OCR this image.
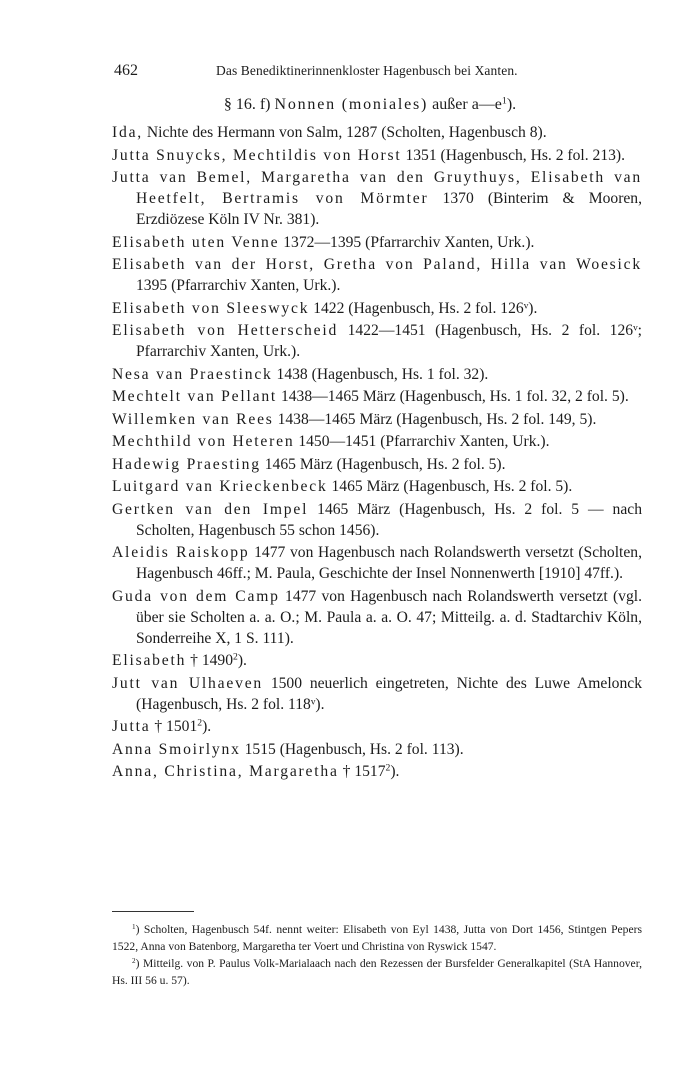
462	Das Benediktinerinnenkloster Hagenbusch bei Xanten.
§ 16. f) Nonnen (moniales) außer $a—e^1$).

Ida, Nichte des Hermann von Salm, 1287 (Scholten, Hagenbusch 8).

Jutta Snuycks, Mechtildis von Horst 1351 (Hagenbusch, Hs. 2 fol. 213).

Jutta van Bemel, Margaretha van den Gruythuys, Elisabeth van Heetfelt, Bertramis von Mörmter 1370 (Binterim & Mooren, Erzdiözese Köln IV Nr. 381).

Elisabeth uten Venne 1372—1395 (Pfarrarchiv Xanten, Urk.).

Elisabeth van der Horst, Gretha von Paland, Hilla van Woesick 1395 (Pfarrarchiv Xanten, Urk.).

Elisabeth von Sleeswyck 1422 (Hagenbusch, Hs. 2 fol. 126ᵛ).

Elisabeth von Hetterscheid 1422—1451 (Hagenbusch, Hs. 2 fol. 126ᵛ; Pfarrarchiv Xanten, Urk.).

Nesa van Praestinck 1438 (Hagenbusch, Hs. 1 fol. 32).

Mechtelt van Pellant 1438—1465 März (Hagenbusch, Hs. 1 fol. 32, 2 fol. 5).

Willemken van Rees 1438—1465 März (Hagenbusch, Hs. 2 fol. 149, 5).

Mechthild von Heteren 1450—1451 (Pfarrarchiv Xanten, Urk.).

Hadewig Praesting 1465 März (Hagenbusch, Hs. 2 fol. 5).

Luitgard van Krieckenbeck 1465 März (Hagenbusch, Hs. 2 fol. 5).

Gertken van den Impel 1465 März (Hagenbusch, Hs. 2 fol. 5 — nach Scholten, Hagenbusch 55 schon 1456).

Aleidis Raiskopp 1477 von Hagenbusch nach Rolandswerth versetzt (Scholten, Hagenbusch 46ff.; M. Paula, Geschichte der Insel Nonnenwerth [1910] 47ff.).

Guda von dem Camp 1477 von Hagenbusch nach Rolandswerth versetzt (vgl. über sie Scholten a. a. O.; M. Paula a. a. O. 47; Mitteilg. a. d. Stadtarchiv Köln, Sonderreihe X, 1 S. 111).

Elisabeth † 1490$^2$).

Jutt van Ulhaeven 1500 neuerlich eingetreten, Nichte des Luwe Amelonck (Hagenbusch, Hs. 2 fol. 118ᵛ).

Jutta † 1501$^2$).

Anna Smoirlynx 1515 (Hagenbusch, Hs. 2 fol. 113).

Anna, Christina, Margaretha † 1517$^2$).

$^1$) Scholten, Hagenbusch 54f. nennt weiter: Elisabeth von Eyl 1438, Jutta von Dort 1456, Stintgen Pepers 1522, Anna von Batenborg, Margaretha ter Voert und Christina von Ryswick 1547.

$^2$) Mitteilg. von P. Paulus Volk-Marialaach nach den Rezessen der Bursfelder Generalkapitel (StA Hannover, Hs. III 56 u. 57).
